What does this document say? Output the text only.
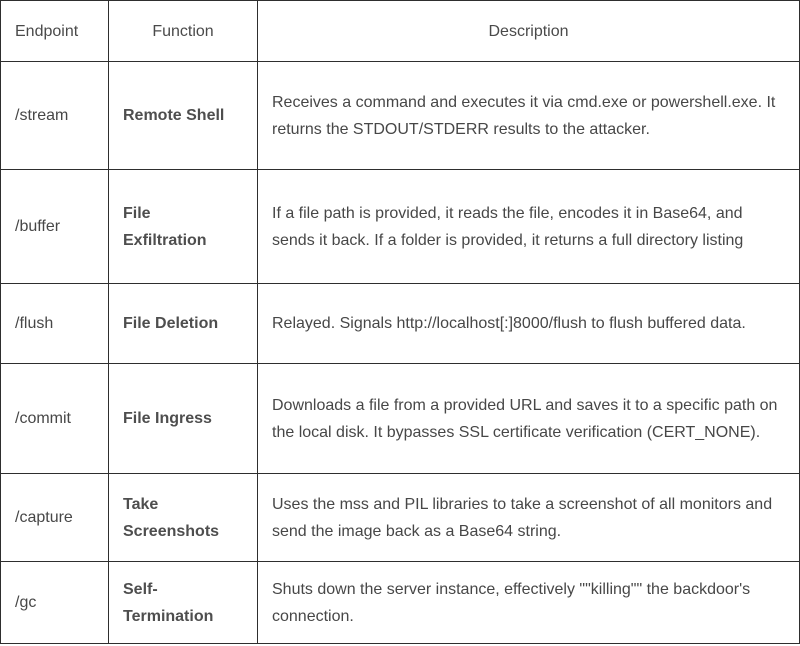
Endpoint	Function	Description
/stream	Remote Shell	Receives a command and executes it via cmd.exe or powershell.exe. It returns the STDOUT/STDERR results to the attacker.
/buffer	File Exfiltration	If a file path is provided, it reads the file, encodes it in Base64, and sends it back. If a folder is provided, it returns a full directory listing
/flush	File Deletion	Relayed. Signals http://localhost[:]8000/flush to flush buffered data.
/commit	File Ingress	Downloads a file from a provided URL and saves it to a specific path on the local disk. It bypasses SSL certificate verification (CERT_NONE).
/capture	Take Screenshots	Uses the mss and PIL libraries to take a screenshot of all monitors and send the image back as a Base64 string.
/gc	Self-Termination	Shuts down the server instance, effectively ""killing"" the backdoor's connection.
